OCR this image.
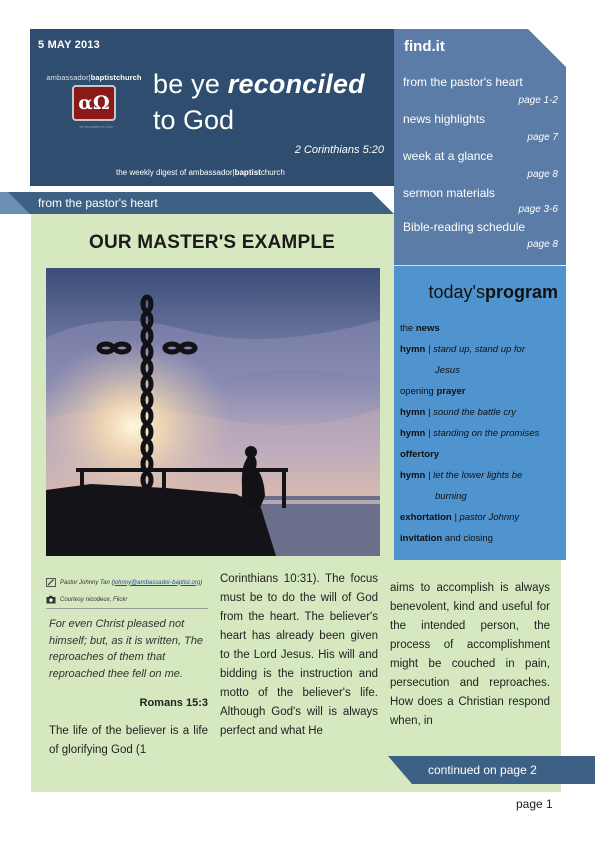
5 MAY 2013
ambassador|baptistchurch
αΩ
we reconciled to God
be ye reconciled
to God
2 Corinthians 5:20
the weekly digest of ambassador|baptistchurch
from the pastor's heart
OUR MASTER'S EXAMPLE
find.it
from the pastor's heart
page 1-2
news highlights
page 7
week at a glance
page 8
sermon materials
page 3-6
Bible-reading schedule
page 8
today'sprogram
the news
hymn | stand up, stand up for
Jesus
opening prayer
hymn | sound the battle cry
hymn | standing on the promises
offertory
hymn | let the lower lights be
burning
exhortation | pastor Johnny
invitation and closing
Pastor Johnny Tan ( johnny@ambassador-baptist.org )
Courtesy nicodeux, Flickr
For even Christ pleased not himself; but, as it is written, The reproaches of them that reproached thee fell on me.
Romans 15:3
The life of the believer is a life of glorifying God (1
Corinthians 10:31). The focus must be to do the will of God from the heart. The believer's heart has already been given to the Lord Jesus. His will and bidding is the instruction and motto of the believer's life. Although God's will is always perfect and what He
aims to accomplish is always benevolent, kind and useful for the intended person, the process of accomplishment might be couched in pain, persecution and reproaches. How does a Christian respond when, in
continued on page 2
page 1
